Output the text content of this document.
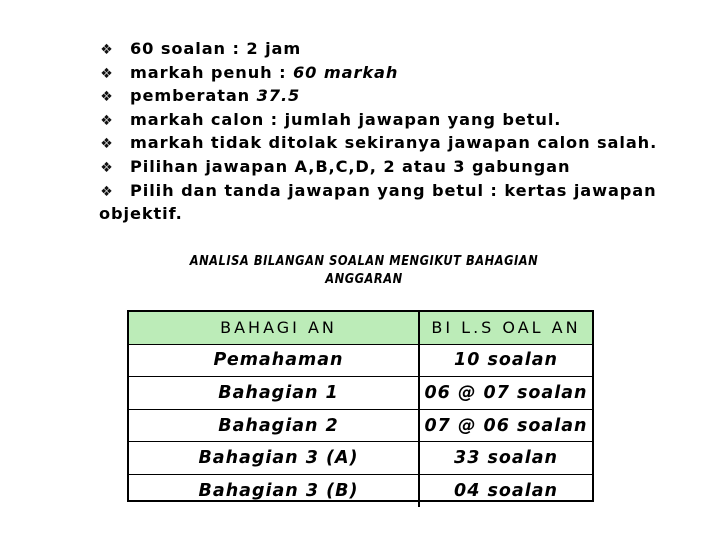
❖ 60 soalan : 2 jam
❖ markah penuh : 60 markah
❖ pemberatan 37.5
❖ markah calon : jumlah jawapan yang betul.
❖ markah tidak ditolak sekiranya jawapan calon salah.
❖ Pilihan jawapan A,B,C,D, 2 atau 3 gabungan
❖ Pilih dan tanda jawapan yang betul : kertas jawapan
objektif.
ANALISA BILANGAN SOALAN MENGIKUT BAHAGIAN
ANGGARAN
BAHAGI AN	BI L.S OAL AN
Pemahaman	10 soalan
Bahagian 1	06 @ 07 soalan
Bahagian 2	07 @ 06 soalan
Bahagian 3 (A)	33 soalan
Bahagian 3 (B)	04 soalan
